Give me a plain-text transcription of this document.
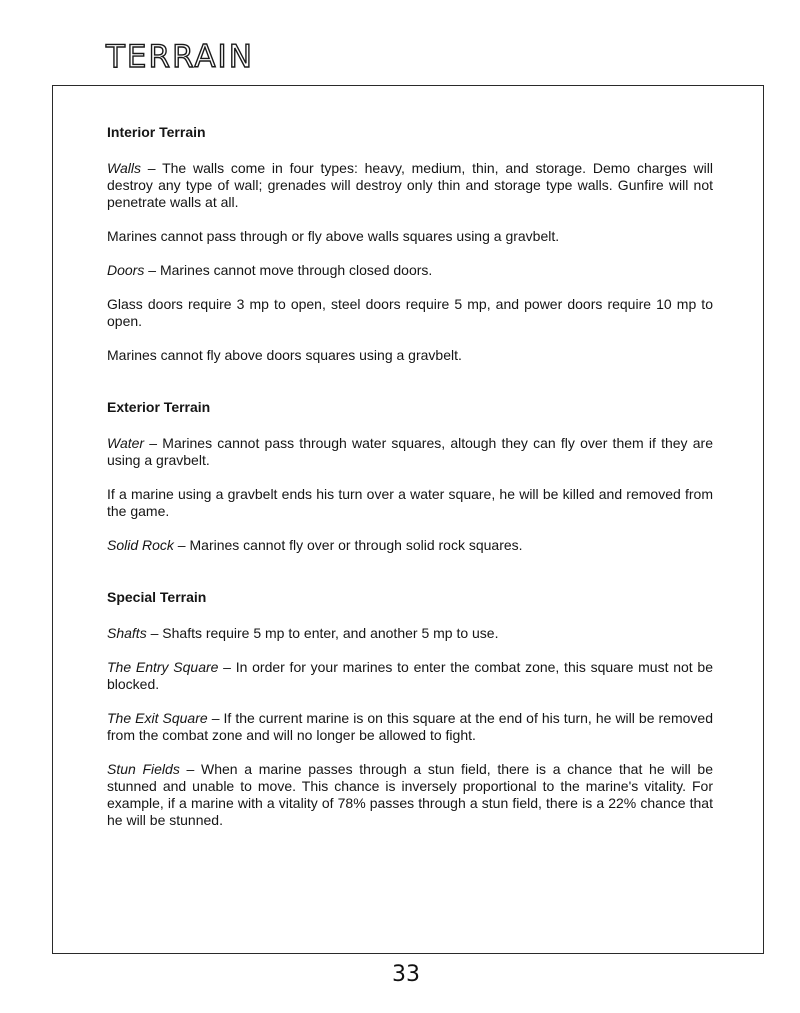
TERRAIN
Interior Terrain

Walls – The walls come in four types: heavy, medium, thin, and storage. Demo charges will destroy any type of wall; grenades will destroy only thin and storage type walls. Gunfire will not penetrate walls at all.

Marines cannot pass through or fly above walls squares using a gravbelt.

Doors – Marines cannot move through closed doors.

Glass doors require 3 mp to open, steel doors require 5 mp, and power doors require 10 mp to open.

Marines cannot fly above doors squares using a gravbelt.

Exterior Terrain

Water – Marines cannot pass through water squares, altough they can fly over them if they are using a gravbelt.

If a marine using a gravbelt ends his turn over a water square, he will be killed and removed from the game.

Solid Rock – Marines cannot fly over or through solid rock squares.

Special Terrain

Shafts – Shafts require 5 mp to enter, and another 5 mp to use.

The Entry Square – In order for your marines to enter the combat zone, this square must not be blocked.

The Exit Square – If the current marine is on this square at the end of his turn, he will be removed from the combat zone and will no longer be allowed to fight.

Stun Fields – When a marine passes through a stun field, there is a chance that he will be stunned and unable to move. This chance is inversely proportional to the marine's vitality. For example, if a marine with a vitality of 78% passes through a stun field, there is a 22% chance that he will be stunned.

33
